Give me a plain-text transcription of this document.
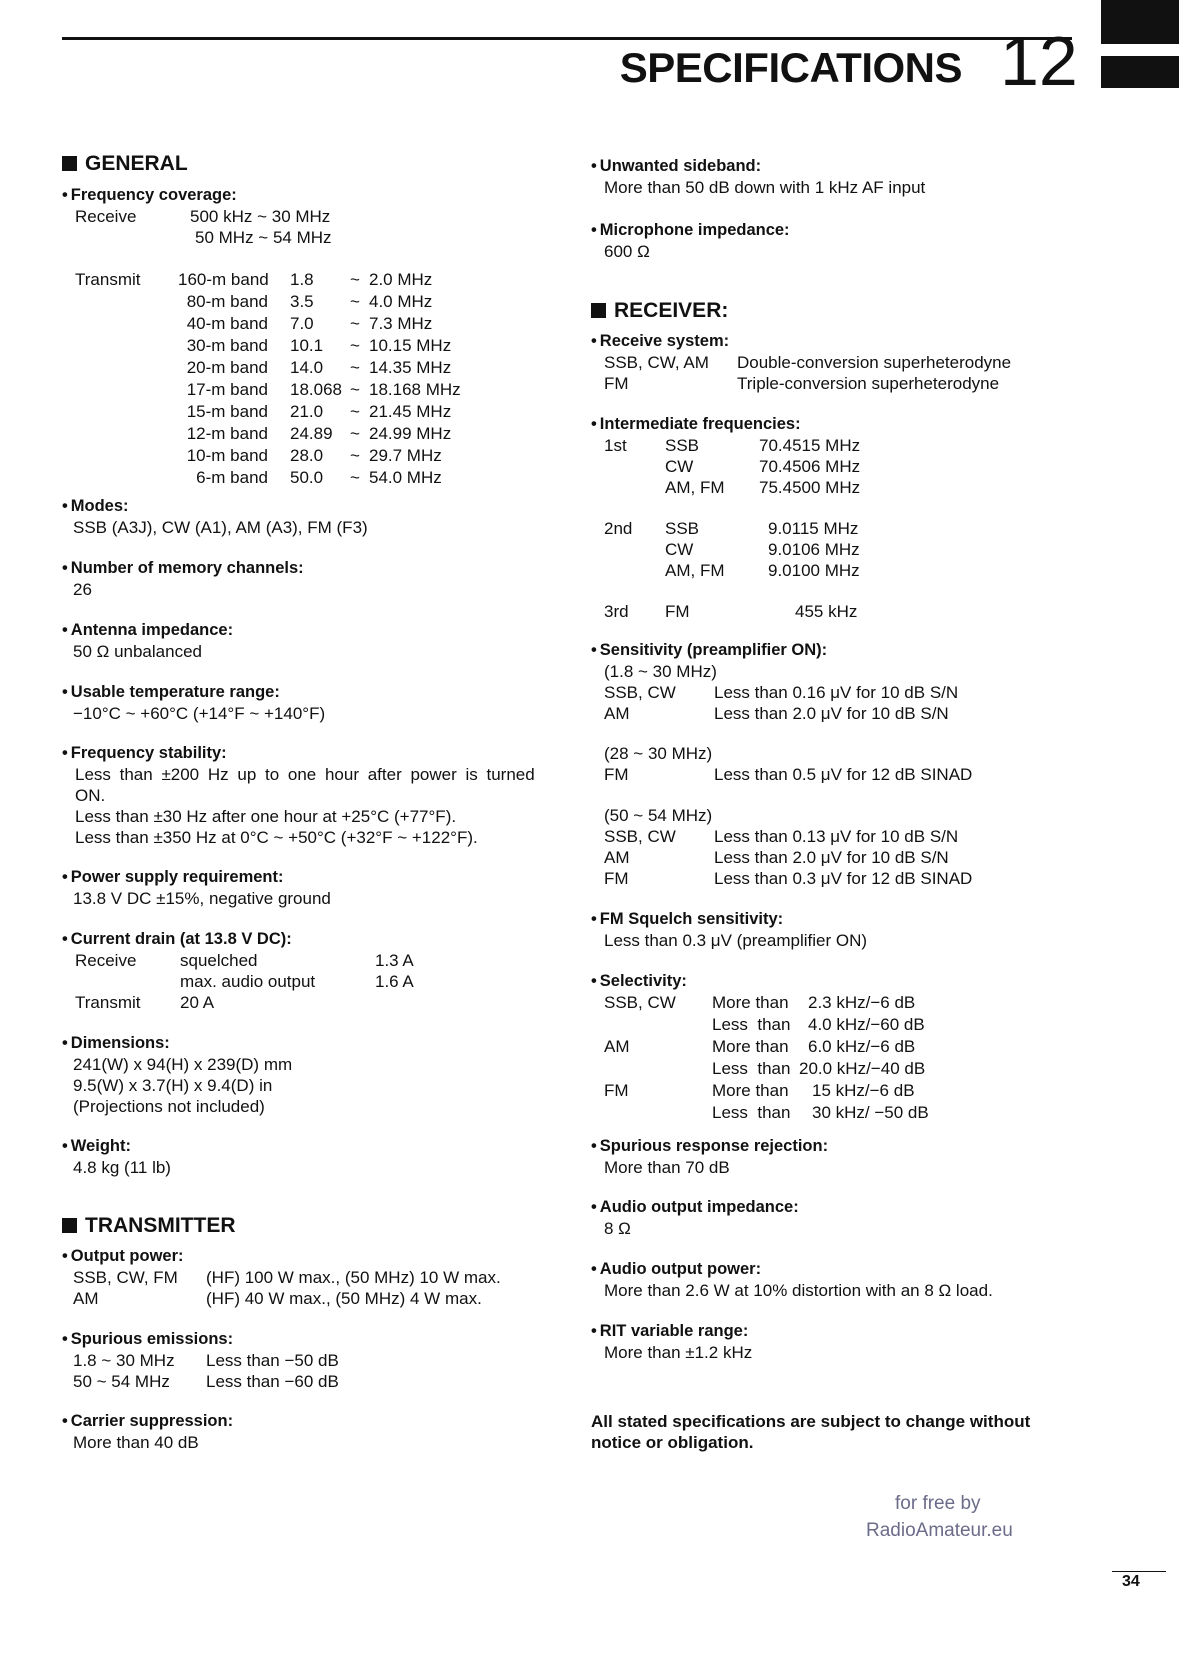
SPECIFICATIONS 12
GENERAL
• Frequency coverage:
Receive	500 kHz ~ 30 MHz
50 MHz ~ 54 MHz
Transmit 160-m band 1.8 ~ 2.0 MHz
80-m band 3.5 ~ 4.0 MHz
40-m band 7.0 ~ 7.3 MHz
30-m band 10.1 ~ 10.15 MHz
20-m band 14.0 ~ 14.35 MHz
17-m band 18.068 ~ 18.168 MHz
15-m band 21.0 ~ 21.45 MHz
12-m band 24.89 ~ 24.99 MHz
10-m band 28.0 ~ 29.7 MHz
6-m band 50.0 ~ 54.0 MHz
• Modes:
SSB (A3J), CW (A1), AM (A3), FM (F3)
• Number of memory channels:
26
• Antenna impedance:
50 Ω unbalanced
• Usable temperature range:
−10°C ~ +60°C (+14°F ~ +140°F)
• Frequency stability:
Less than ±200 Hz up to one hour after power is turned
ON.
Less than ±30 Hz after one hour at +25°C (+77°F).
Less than ±350 Hz at 0°C ~ +50°C (+32°F ~ +122°F).
• Power supply requirement:
13.8 V DC ±15%, negative ground
• Current drain (at 13.8 V DC):
Receive	squelched	1.3 A
max. audio output	1.6 A
Transmit 20 A
• Dimensions:
241(W) x 94(H) x 239(D) mm
9.5(W) x 3.7(H) x 9.4(D) in
(Projections not included)
• Weight:
4.8 kg (11 lb)
TRANSMITTER
• Output power:
SSB, CW, FM (HF) 100 W max., (50 MHz) 10 W max.
AM	(HF) 40 W max., (50 MHz) 4 W max.
• Spurious emissions:
1.8 ~ 30 MHz Less than −50 dB
50 ~ 54 MHz Less than −60 dB
• Carrier suppression:
More than 40 dB
• Unwanted sideband:
More than 50 dB down with 1 kHz AF input
• Microphone impedance:
600 Ω
RECEIVER:
• Receive system:
SSB, CW, AM Double-conversion superheterodyne
FM	Triple-conversion superheterodyne
• Intermediate frequencies:
1st SSB	70.4515 MHz
CW	70.4506 MHz
AM, FM 75.4500 MHz
2nd SSB	9.0115 MHz
CW	9.0106 MHz
AM, FM	9.0100 MHz
3rd FM	455 kHz
• Sensitivity (preamplifier ON):
(1.8 ~ 30 MHz)
SSB, CW Less than 0.16 μV for 10 dB S/N
AM	Less than 2.0 μV for 10 dB S/N
(28 ~ 30 MHz)
FM	Less than 0.5 μV for 12 dB SINAD
(50 ~ 54 MHz)
SSB, CW Less than 0.13 μV for 10 dB S/N
AM	Less than 2.0 μV for 10 dB S/N
FM	Less than 0.3 μV for 12 dB SINAD
• FM Squelch sensitivity:
Less than 0.3 μV (preamplifier ON)
• Selectivity:
SSB, CW More than 2.3 kHz/−6 dB
Less  than 4.0 kHz/−60 dB
AM	More than 6.0 kHz/−6 dB
Less  than 20.0 kHz/−40 dB
FM	More than 15 kHz/−6 dB
Less  than 30 kHz/ −50 dB
• Spurious response rejection:
More than 70 dB
• Audio output impedance:
8 Ω
• Audio output power:
More than 2.6 W at 10% distortion with an 8 Ω load.
• RIT variable range:
More than ±1.2 kHz
All stated specifications are subject to change without
notice or obligation.
34
for free by
RadioAmateur.eu
